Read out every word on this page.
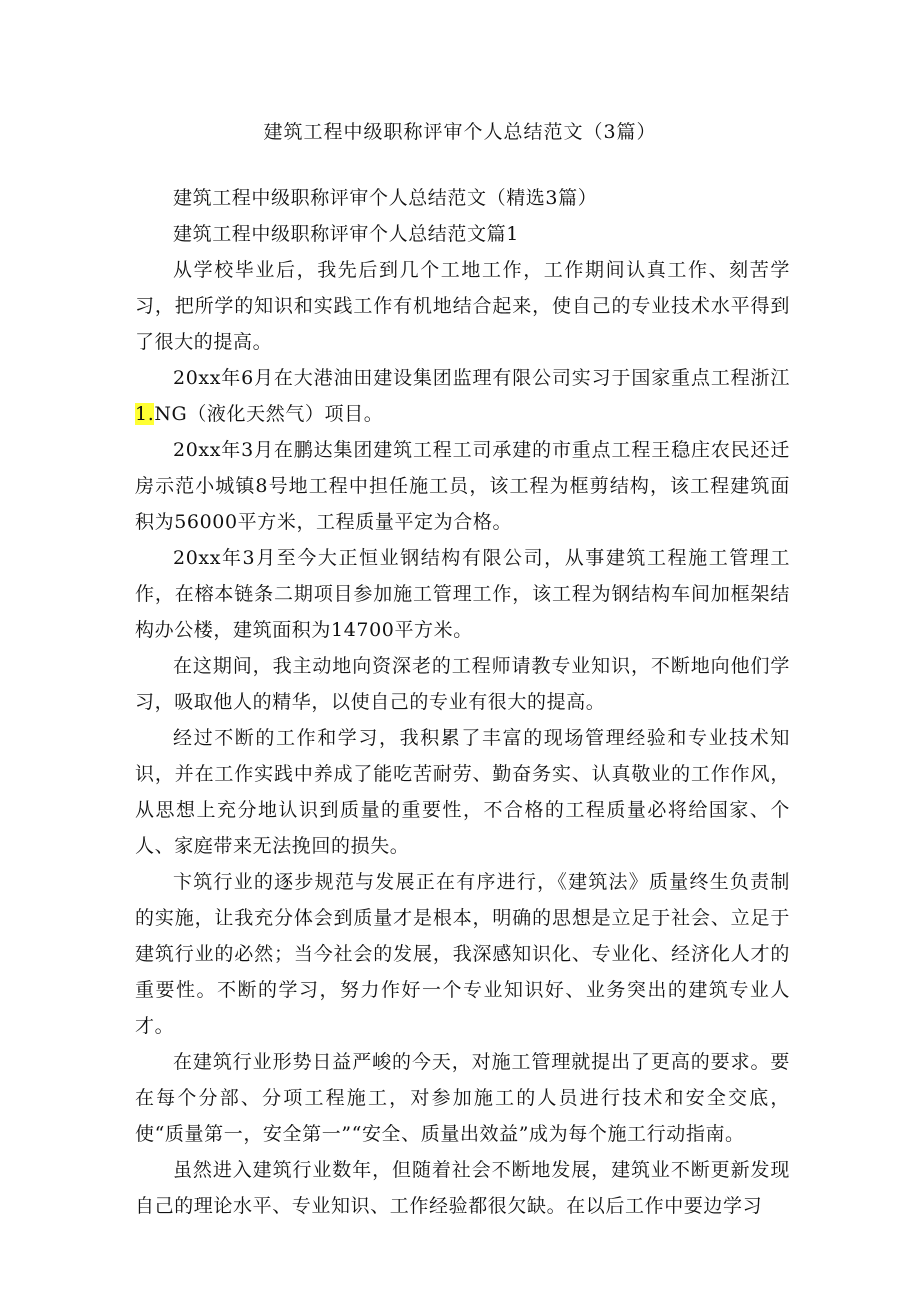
建筑工程中级职称评审个人总结范文（3篇）

建筑工程中级职称评审个人总结范文（精选3篇）

建筑工程中级职称评审个人总结范文篇1

从学校毕业后，我先后到几个工地工作，工作期间认真工作、刻苦学习，把所学的知识和实践工作有机地结合起来，使自己的专业技术水平得到了很大的提高。

20xx年6月在大港油田建设集团监理有限公司实习于国家重点工程浙江1.NG（液化天然气）项目。

20xx年3月在鹏达集团建筑工程工司承建的市重点工程王稳庄农民还迁房示范小城镇8号地工程中担任施工员，该工程为框剪结构，该工程建筑面积为56000平方米，工程质量平定为合格。

20xx年3月至今大正恒业钢结构有限公司，从事建筑工程施工管理工作，在榕本链条二期项目参加施工管理工作，该工程为钢结构车间加框架结构办公楼，建筑面积为14700平方米。

在这期间，我主动地向资深老的工程师请教专业知识，不断地向他们学习，吸取他人的精华，以使自己的专业有很大的提高。

经过不断的工作和学习，我积累了丰富的现场管理经验和专业技术知识，并在工作实践中养成了能吃苦耐劳、勤奋务实、认真敬业的工作作风，从思想上充分地认识到质量的重要性，不合格的工程质量必将给国家、个人、家庭带来无法挽回的损失。

卞筑行业的逐步规范与发展正在有序进行，《建筑法》质量终生负责制的实施，让我充分体会到质量才是根本，明确的思想是立足于社会、立足于建筑行业的必然；当今社会的发展，我深感知识化、专业化、经济化人才的重要性。不断的学习，努力作好一个专业知识好、业务突出的建筑专业人才。

在建筑行业形势日益严峻的今天，对施工管理就提出了更高的要求。要在每个分部、分项工程施工，对参加施工的人员进行技术和安全交底，使“质量第一，安全第一”“安全、质量出效益”成为每个施工行动指南。

虽然进入建筑行业数年，但随着社会不断地发展，建筑业不断更新发现自己的理论水平、专业知识、工作经验都很欠缺。在以后工作中要边学习
